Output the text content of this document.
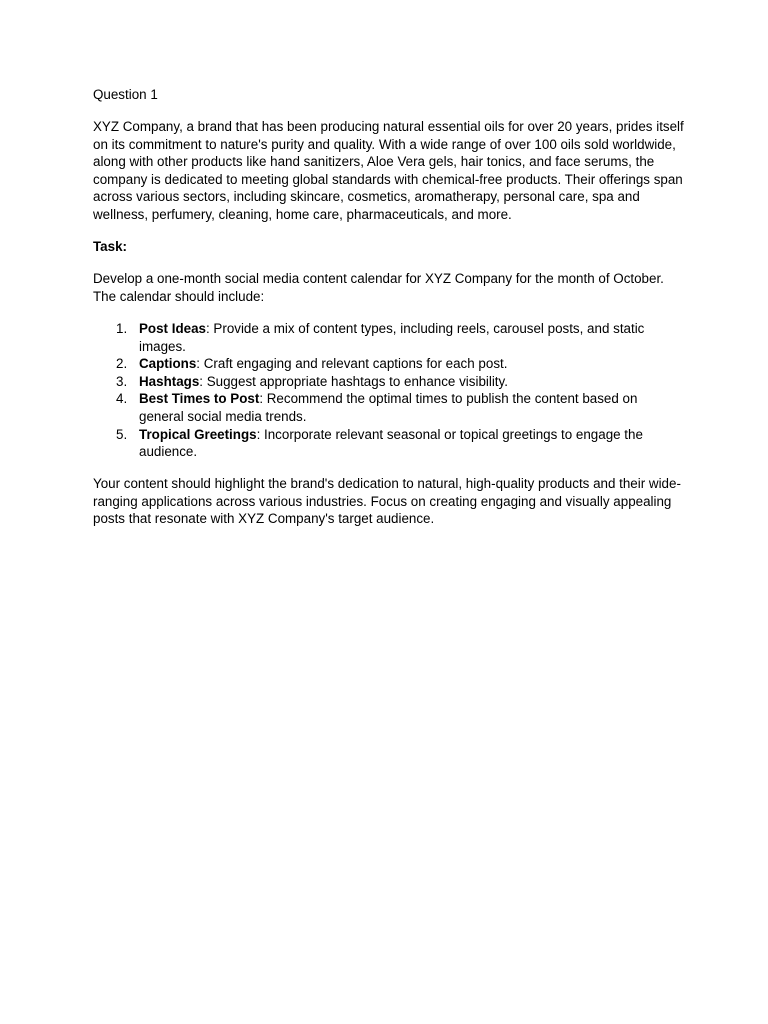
Question 1

XYZ Company, a brand that has been producing natural essential oils for over 20 years, prides itself on its commitment to nature's purity and quality. With a wide range of over 100 oils sold worldwide, along with other products like hand sanitizers, Aloe Vera gels, hair tonics, and face serums, the company is dedicated to meeting global standards with chemical-free products. Their offerings span across various sectors, including skincare, cosmetics, aromatherapy, personal care, spa and wellness, perfumery, cleaning, home care, pharmaceuticals, and more.

Task:

Develop a one-month social media content calendar for XYZ Company for the month of October. The calendar should include:

1. Post Ideas: Provide a mix of content types, including reels, carousel posts, and static images.
2. Captions: Craft engaging and relevant captions for each post.
3. Hashtags: Suggest appropriate hashtags to enhance visibility.
4. Best Times to Post: Recommend the optimal times to publish the content based on general social media trends.
5. Tropical Greetings: Incorporate relevant seasonal or topical greetings to engage the audience.

Your content should highlight the brand's dedication to natural, high-quality products and their wide-ranging applications across various industries. Focus on creating engaging and visually appealing posts that resonate with XYZ Company's target audience.
